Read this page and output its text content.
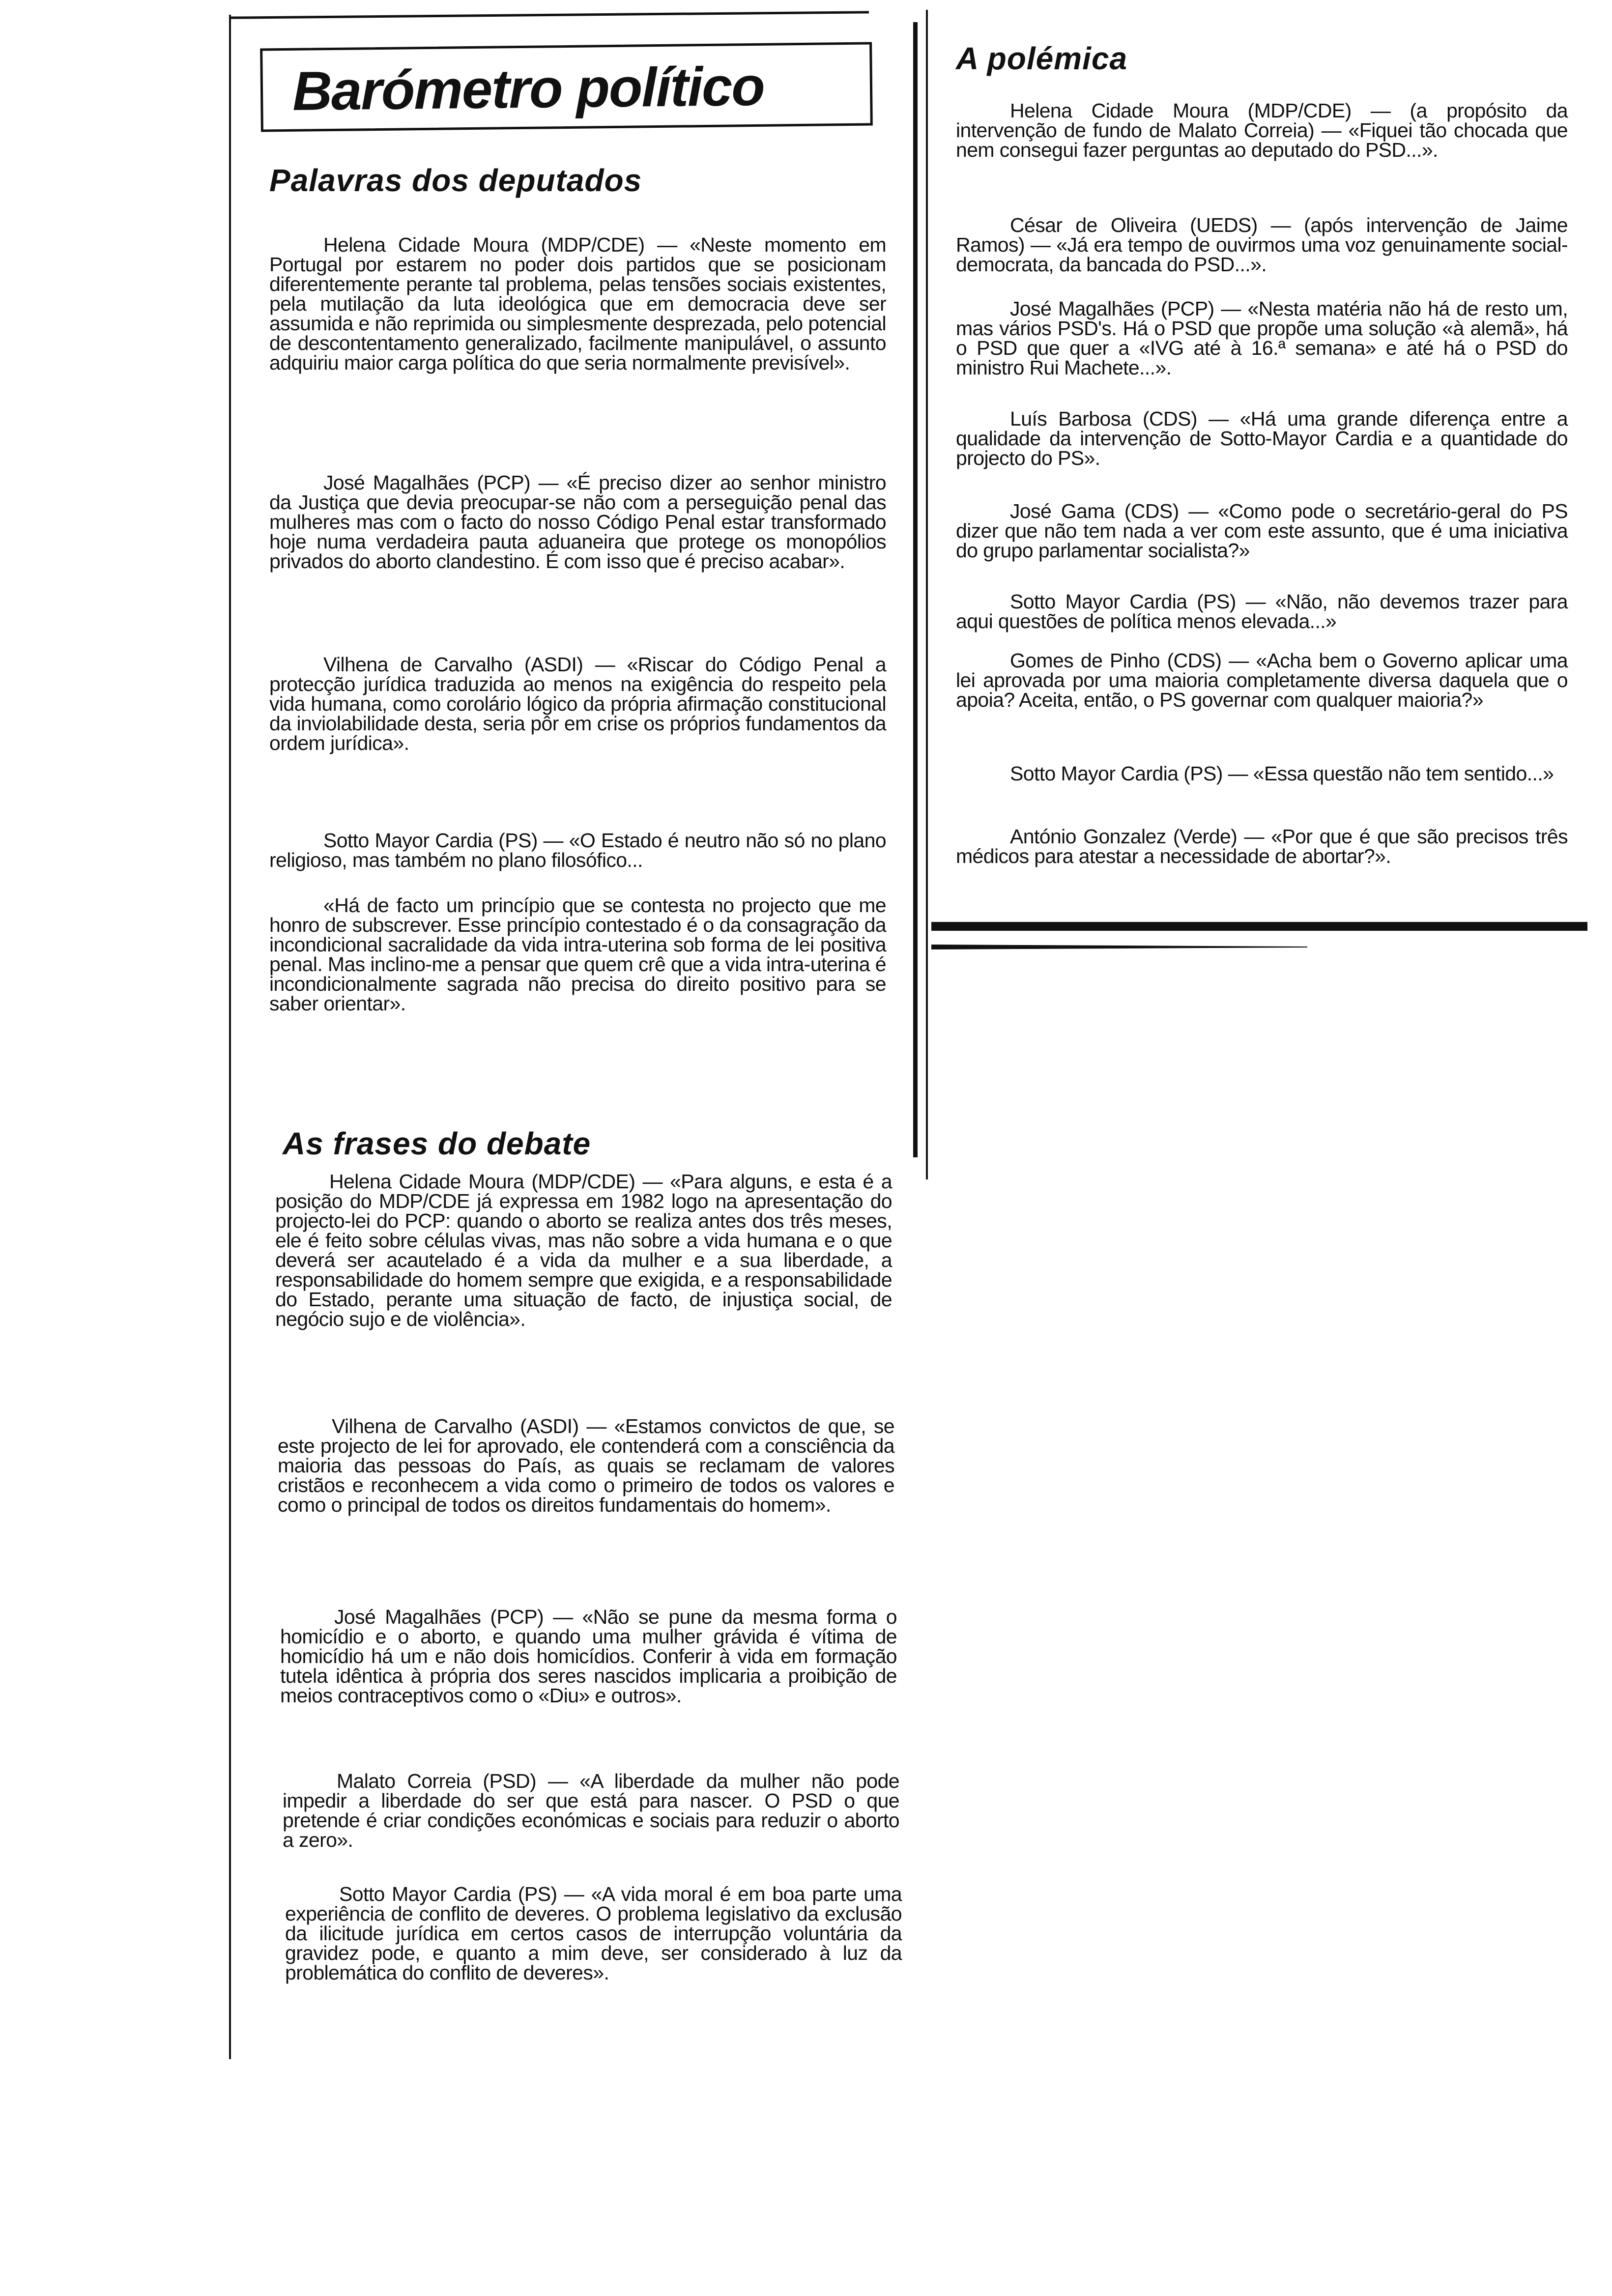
Barómetro político
Palavras dos deputados

Helena Cidade Moura (MDP/CDE) — «Neste momento em Portugal por estarem no poder dois partidos que se posicionam diferentemente perante tal problema, pelas tensões sociais existentes, pela mutilação da luta ideológica que em democracia deve ser assumida e não reprimida ou simplesmente desprezada, pelo potencial de descontentamento generalizado, facilmente manipulável, o assunto adquiriu maior carga política do que seria normalmente previsível».

José Magalhães (PCP) — «É preciso dizer ao senhor ministro da Justiça que devia preocupar-se não com a perseguição penal das mulheres mas com o facto do nosso Código Penal estar transformado hoje numa verdadeira pauta aduaneira que protege os monopólios privados do aborto clandestino. É com isso que é preciso acabar».

Vilhena de Carvalho (ASDI) — «Riscar do Código Penal a protecção jurídica traduzida ao menos na exigência do respeito pela vida humana, como corolário lógico da própria afirmação constitucional da inviolabilidade desta, seria pôr em crise os próprios fundamentos da ordem jurídica».

Sotto Mayor Cardia (PS) — «O Estado é neutro não só no plano religioso, mas também no plano filosófico...

«Há de facto um princípio que se contesta no projecto que me honro de subscrever. Esse princípio contestado é o da consagração da incondicional sacralidade da vida intra-uterina sob forma de lei positiva penal. Mas inclino-me a pensar que quem crê que a vida intra-uterina é incondicionalmente sagrada não precisa do direito positivo para se saber orientar».

As frases do debate

Helena Cidade Moura (MDP/CDE) — «Para alguns, e esta é a posição do MDP/CDE já expressa em 1982 logo na apresentação do projecto-lei do PCP: quando o aborto se realiza antes dos três meses, ele é feito sobre células vivas, mas não sobre a vida humana e o que deverá ser acautelado é a vida da mulher e a sua liberdade, a responsabilidade do homem sempre que exigida, e a responsabilidade do Estado, perante uma situação de facto, de injustiça social, de negócio sujo e de violência».

Vilhena de Carvalho (ASDI) — «Estamos convictos de que, se este projecto de lei for aprovado, ele contenderá com a consciência da maioria das pessoas do País, as quais se reclamam de valores cristãos e reconhecem a vida como o primeiro de todos os valores e como o principal de todos os direitos fundamentais do homem».

José Magalhães (PCP) — «Não se pune da mesma forma o homicídio e o aborto, e quando uma mulher grávida é vítima de homicídio há um e não dois homicídios. Conferir à vida em formação tutela idêntica à própria dos seres nascidos implicaria a proibição de meios contraceptivos como o «Diu» e outros».

Malato Correia (PSD) — «A liberdade da mulher não pode impedir a liberdade do ser que está para nascer. O PSD o que pretende é criar condições económicas e sociais para reduzir o aborto a zero».

Sotto Mayor Cardia (PS) — «A vida moral é em boa parte uma experiência de conflito de deveres. O problema legislativo da exclusão da ilicitude jurídica em certos casos de interrupção voluntária da gravidez pode, e quanto a mim deve, ser considerado à luz da problemática do conflito de deveres».

A polémica

Helena Cidade Moura (MDP/CDE) — (a propósito da intervenção de fundo de Malato Correia) — «Fiquei tão chocada que nem consegui fazer perguntas ao deputado do PSD...».

César de Oliveira (UEDS) — (após intervenção de Jaime Ramos) — «Já era tempo de ouvirmos uma voz genuinamente social-democrata, da bancada do PSD...».

José Magalhães (PCP) — «Nesta matéria não há de resto um, mas vários PSD's. Há o PSD que propõe uma solução «à alemã», há o PSD que quer a «IVG até à 16.ª semana» e até há o PSD do ministro Rui Machete...».

Luís Barbosa (CDS) — «Há uma grande diferença entre a qualidade da intervenção de Sotto-Mayor Cardia e a quantidade do projecto do PS».

José Gama (CDS) — «Como pode o secretário-geral do PS dizer que não tem nada a ver com este assunto, que é uma iniciativa do grupo parlamentar socialista?»

Sotto Mayor Cardia (PS) — «Não, não devemos trazer para aqui questões de política menos elevada...»

Gomes de Pinho (CDS) — «Acha bem o Governo aplicar uma lei aprovada por uma maioria completamente diversa daquela que o apoia? Aceita, então, o PS governar com qualquer maioria?»

Sotto Mayor Cardia (PS) — «Essa questão não tem sentido...»

António Gonzalez (Verde) — «Por que é que são precisos três médicos para atestar a necessidade de abortar?».
